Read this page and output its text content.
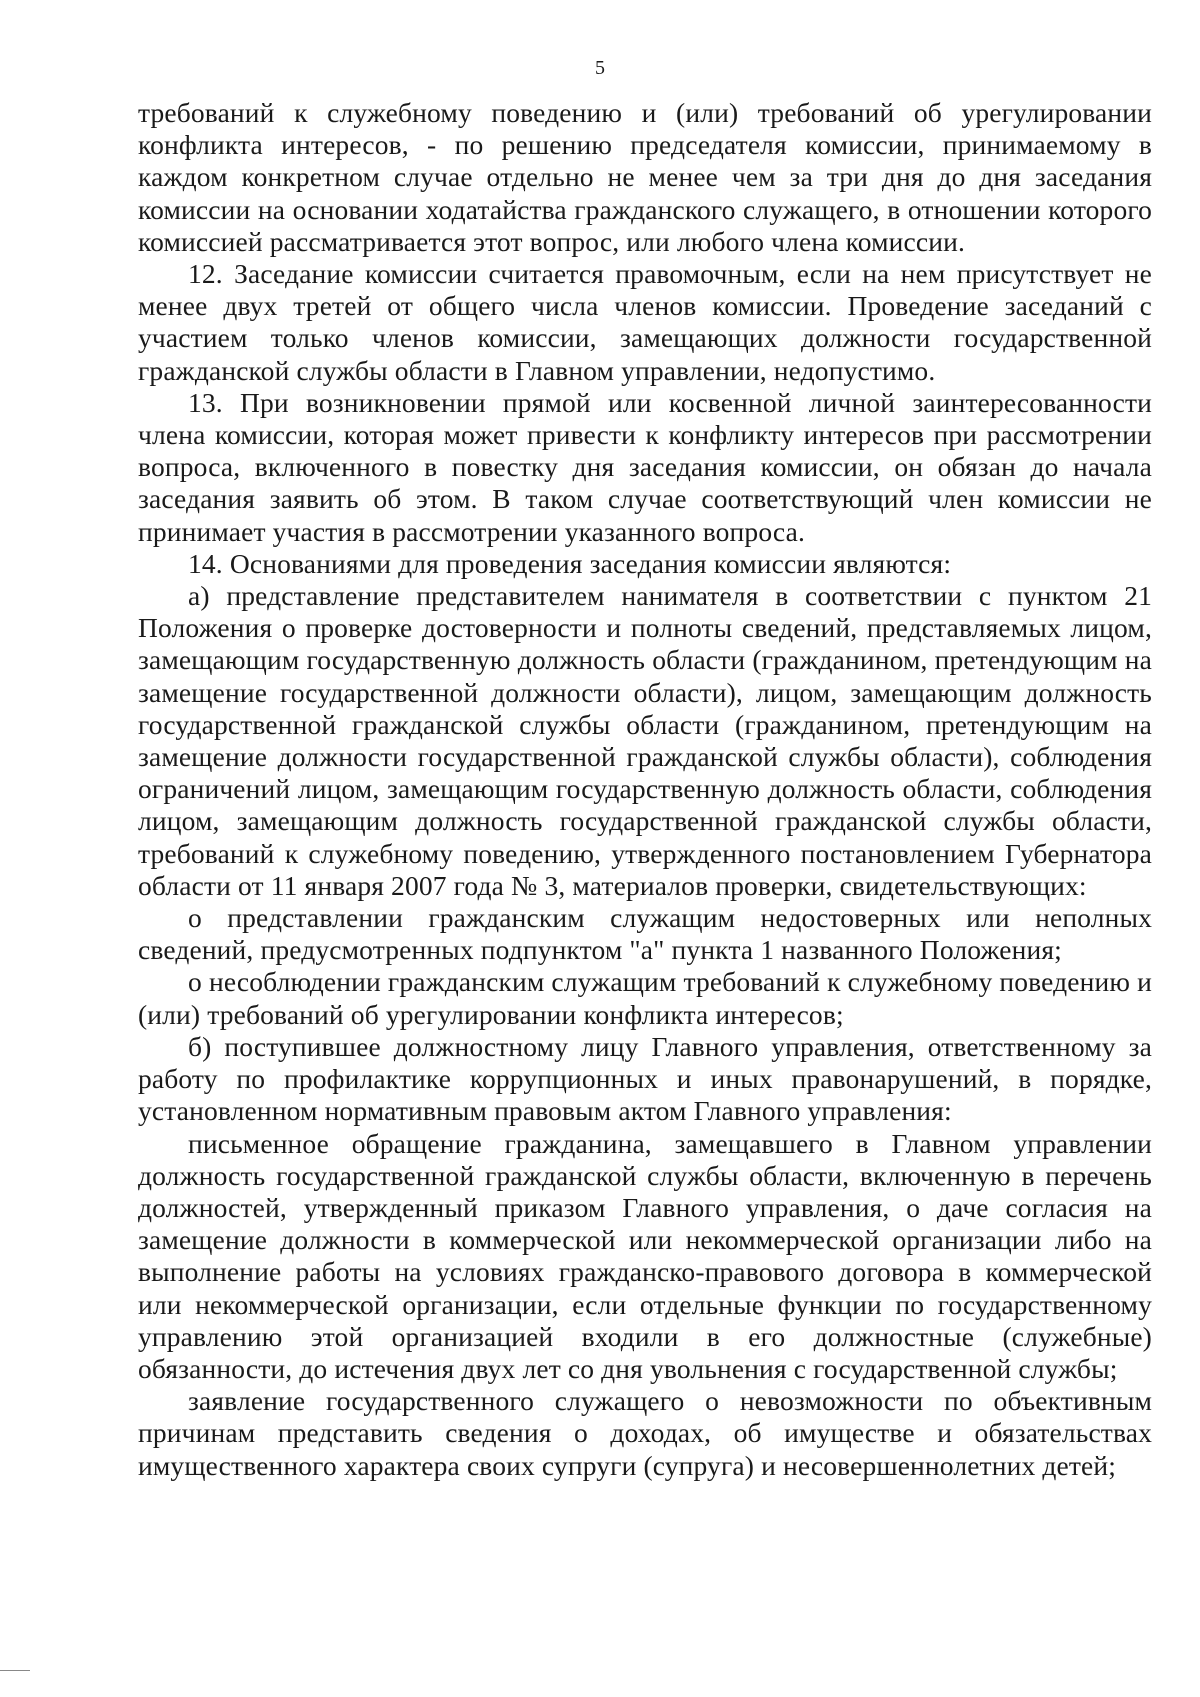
5

требований к служебному поведению и (или) требований об урегулировании конфликта интересов, - по решению председателя комиссии, принимаемому в каждом конкретном случае отдельно не менее чем за три дня до дня заседания комиссии на основании ходатайства гражданского служащего, в отношении которого комиссией рассматривается этот вопрос, или любого члена комиссии.

12. Заседание комиссии считается правомочным, если на нем присутствует не менее двух третей от общего числа членов комиссии. Проведение заседаний с участием только членов комиссии, замещающих должности государственной гражданской службы области в Главном управлении, недопустимо.

13. При возникновении прямой или косвенной личной заинтересованности члена комиссии, которая может привести к конфликту интересов при рассмотрении вопроса, включенного в повестку дня заседания комиссии, он обязан до начала заседания заявить об этом. В таком случае соответствующий член комиссии не принимает участия в рассмотрении указанного вопроса.

14. Основаниями для проведения заседания комиссии являются:

а) представление представителем нанимателя в соответствии с пунктом 21 Положения о проверке достоверности и полноты сведений, представляемых лицом, замещающим государственную должность области (гражданином, претендующим на замещение государственной должности области), лицом, замещающим должность государственной гражданской службы области (гражданином, претендующим на замещение должности государственной гражданской службы области), соблюдения ограничений лицом, замещающим государственную должность области, соблюдения лицом, замещающим должность государственной гражданской службы области, требований к служебному поведению, утвержденного постановлением Губернатора области от 11 января 2007 года № 3, материалов проверки, свидетельствующих:

о представлении гражданским служащим недостоверных или неполных сведений, предусмотренных подпунктом "а" пункта 1 названного Положения;

о несоблюдении гражданским служащим требований к служебному поведению и (или) требований об урегулировании конфликта интересов;

б) поступившее должностному лицу Главного управления, ответственному за работу по профилактике коррупционных и иных правонарушений, в порядке, установленном нормативным правовым актом Главного управления:

письменное обращение гражданина, замещавшего в Главном управлении должность государственной гражданской службы области, включенную в перечень должностей, утвержденный приказом Главного управления, о даче согласия на замещение должности в коммерческой или некоммерческой организации либо на выполнение работы на условиях гражданско-правового договора в коммерческой или некоммерческой организации, если отдельные функции по государственному управлению этой организацией входили в его должностные (служебные) обязанности, до истечения двух лет со дня увольнения с государственной службы;

заявление государственного служащего о невозможности по объективным причинам представить сведения о доходах, об имуществе и обязательствах имущественного характера своих супруги (супруга) и несовершеннолетних детей;
